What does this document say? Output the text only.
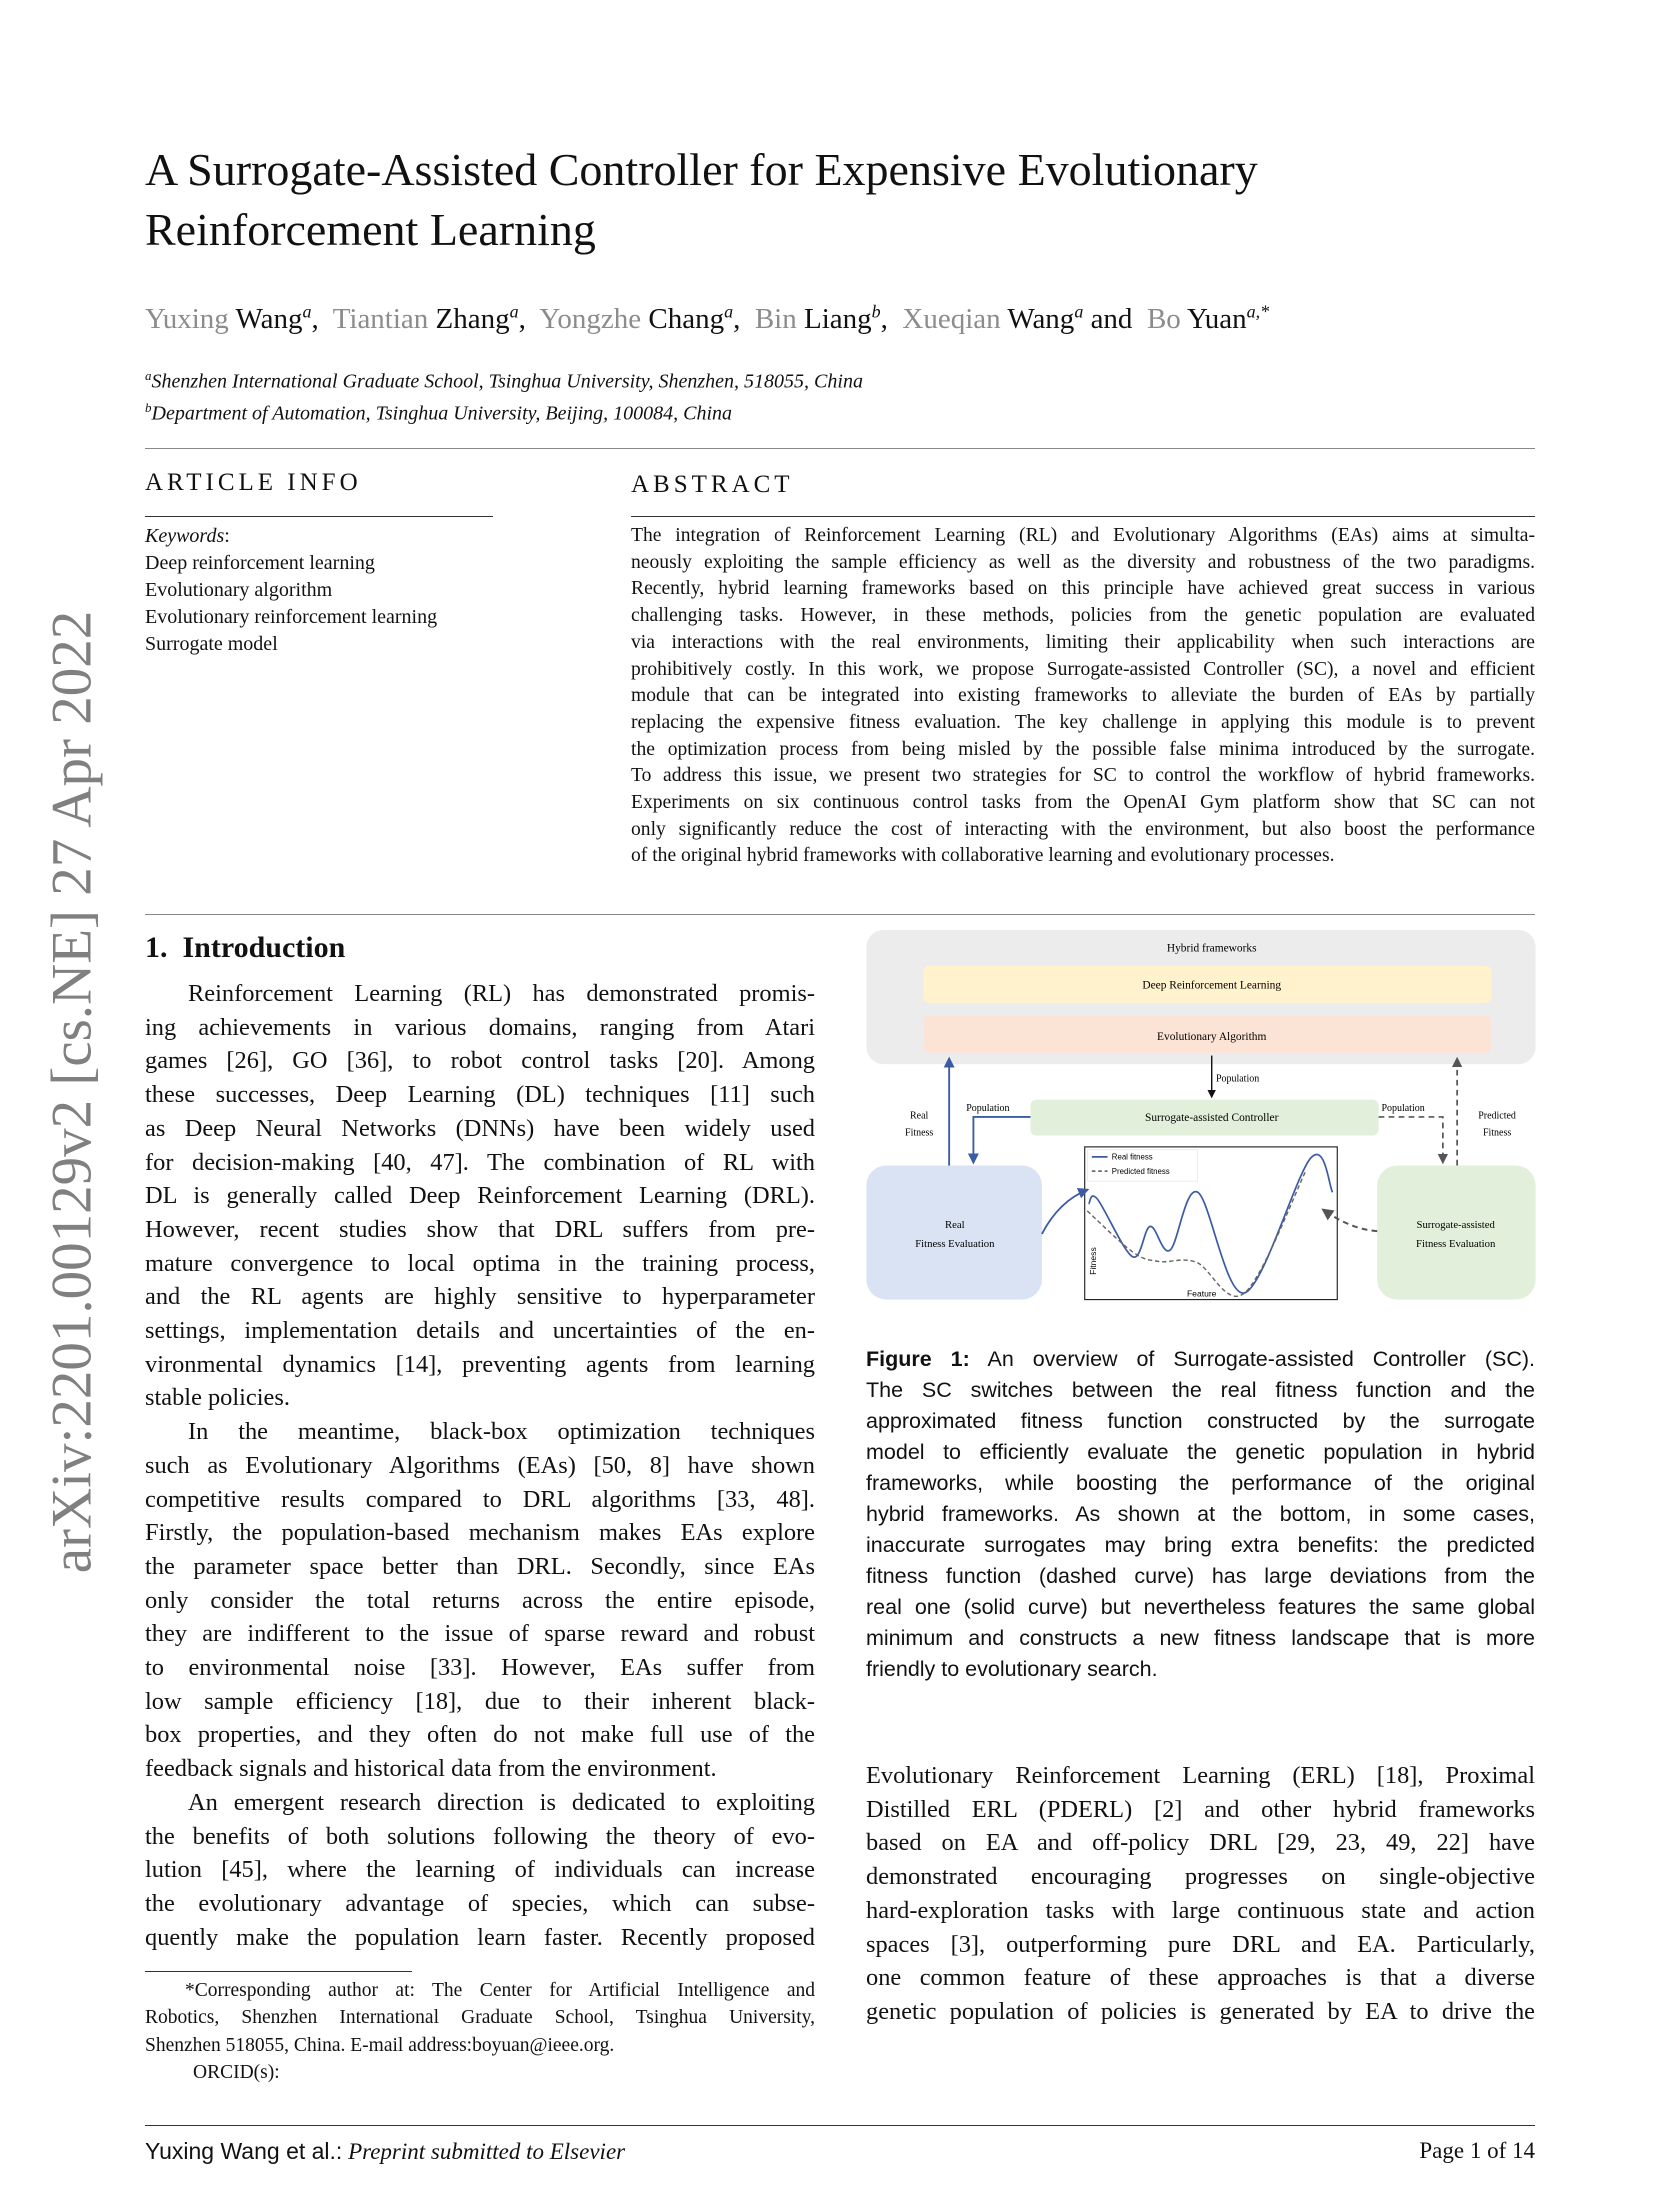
arXiv:2201.00129v2 [cs.NE] 27 Apr 2022
A Surrogate-Assisted Controller for Expensive Evolutionary
Reinforcement Learning
Yuxing Wang$^a$,  Tiantian Zhang$^a$,  Yongzhe Chang$^a$,  Bin Liang$^b$,  Xueqian Wang$^a$ and  Bo Yuan$^{a,*}$
$^a$Shenzhen International Graduate School, Tsinghua University, Shenzhen, 518055, China
$^b$Department of Automation, Tsinghua University, Beijing, 100084, China
ARTICLE INFO	ABSTRACT
Keywords:
Deep reinforcement learning
Evolutionary algorithm
Evolutionary reinforcement learning
Surrogate model
The integration of Reinforcement Learning (RL) and Evolutionary Algorithms (EAs) aims at simulta-
neously exploiting the sample efficiency as well as the diversity and robustness of the two paradigms.
Recently, hybrid learning frameworks based on this principle have achieved great success in various
challenging tasks. However, in these methods, policies from the genetic population are evaluated
via interactions with the real environments, limiting their applicability when such interactions are
prohibitively costly. In this work, we propose Surrogate-assisted Controller (SC), a novel and efficient
module that can be integrated into existing frameworks to alleviate the burden of EAs by partially
replacing the expensive fitness evaluation. The key challenge in applying this module is to prevent
the optimization process from being misled by the possible false minima introduced by the surrogate.
To address this issue, we present two strategies for SC to control the workflow of hybrid frameworks.
Experiments on six continuous control tasks from the OpenAI Gym platform show that SC can not
only significantly reduce the cost of interacting with the environment, but also boost the performance
of the original hybrid frameworks with collaborative learning and evolutionary processes.
1. Introduction
Reinforcement Learning (RL) has demonstrated promis-
ing achievements in various domains, ranging from Atari
games [26], GO [36], to robot control tasks [20]. Among
these successes, Deep Learning (DL) techniques [11] such
as Deep Neural Networks (DNNs) have been widely used
for decision-making [40, 47]. The combination of RL with
DL is generally called Deep Reinforcement Learning (DRL).
However, recent studies show that DRL suffers from pre-
mature convergence to local optima in the training process,
and the RL agents are highly sensitive to hyperparameter
settings, implementation details and uncertainties of the en-
vironmental dynamics [14], preventing agents from learning
stable policies.
In the meantime, black-box optimization techniques
such as Evolutionary Algorithms (EAs) [50, 8] have shown
competitive results compared to DRL algorithms [33, 48].
Firstly, the population-based mechanism makes EAs explore
the parameter space better than DRL. Secondly, since EAs
only consider the total returns across the entire episode,
they are indifferent to the issue of sparse reward and robust
to environmental noise [33]. However, EAs suffer from
low sample efficiency [18], due to their inherent black-
box properties, and they often do not make full use of the
feedback signals and historical data from the environment.
An emergent research direction is dedicated to exploiting
the benefits of both solutions following the theory of evo-
lution [45], where the learning of individuals can increase
the evolutionary advantage of species, which can subse-
quently make the population learn faster. Recently proposed
Hybrid frameworks
Deep Reinforcement Learning
Evolutionary Algorithm
Population
Surrogate-assisted Controller
Real
Fitness
Population	Population
Predicted
Fitness
Real
Fitness Evaluation
Surrogate-assisted
Fitness Evaluation
Real fitness
Predicted fitness
Fitness
Feature
Figure 1: An overview of Surrogate-assisted Controller (SC).
The SC switches between the real fitness function and the
approximated fitness function constructed by the surrogate
model to efficiently evaluate the genetic population in hybrid
frameworks, while boosting the performance of the original
hybrid frameworks. As shown at the bottom, in some cases,
inaccurate surrogates may bring extra benefits: the predicted
fitness function (dashed curve) has large deviations from the
real one (solid curve) but nevertheless features the same global
minimum and constructs a new fitness landscape that is more
friendly to evolutionary search.
Evolutionary Reinforcement Learning (ERL) [18], Proximal
Distilled ERL (PDERL) [2] and other hybrid frameworks
based on EA and off-policy DRL [29, 23, 49, 22] have
demonstrated encouraging progresses on single-objective
hard-exploration tasks with large continuous state and action
spaces [3], outperforming pure DRL and EA. Particularly,
one common feature of these approaches is that a diverse
genetic population of policies is generated by EA to drive the
*Corresponding author at: The Center for Artificial Intelligence and
Robotics, Shenzhen International Graduate School, Tsinghua University,
Shenzhen 518055, China. E-mail address:boyuan@ieee.org.
ORCID(s):
Yuxing Wang et al.: Preprint submitted to Elsevier	Page 1 of 14
